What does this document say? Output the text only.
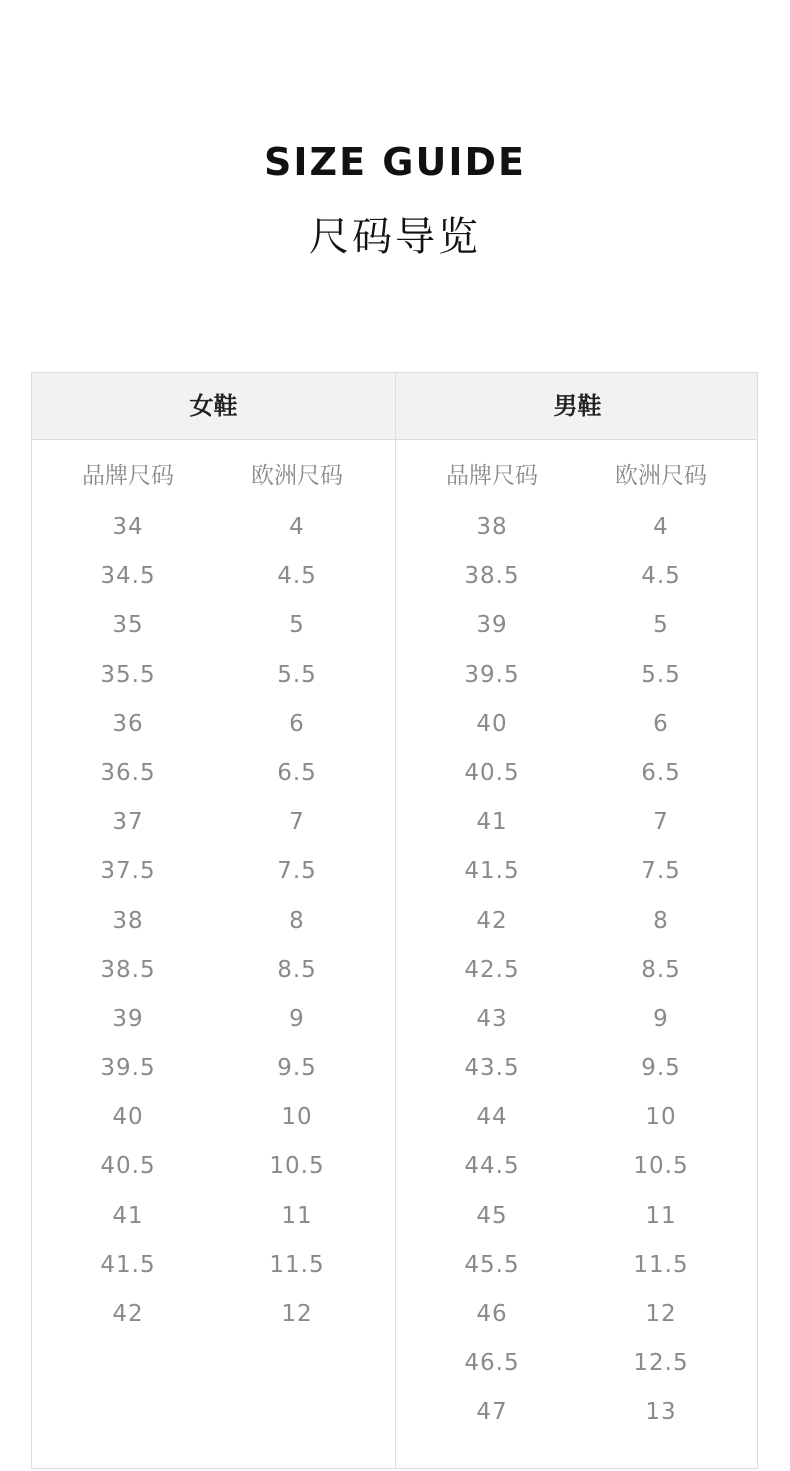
SIZE GUIDE
尺码导览
女鞋
品牌尺码	欧洲尺码
34	4
34.5	4.5
35	5
35.5	5.5
36	6
36.5	6.5
37	7
37.5	7.5
38	8
38.5	8.5
39	9
39.5	9.5
40	10
40.5	10.5
41	11
41.5	11.5
42	12
男鞋
品牌尺码	欧洲尺码
38	4
38.5	4.5
39	5
39.5	5.5
40	6
40.5	6.5
41	7
41.5	7.5
42	8
42.5	8.5
43	9
43.5	9.5
44	10
44.5	10.5
45	11
45.5	11.5
46	12
46.5	12.5
47	13
